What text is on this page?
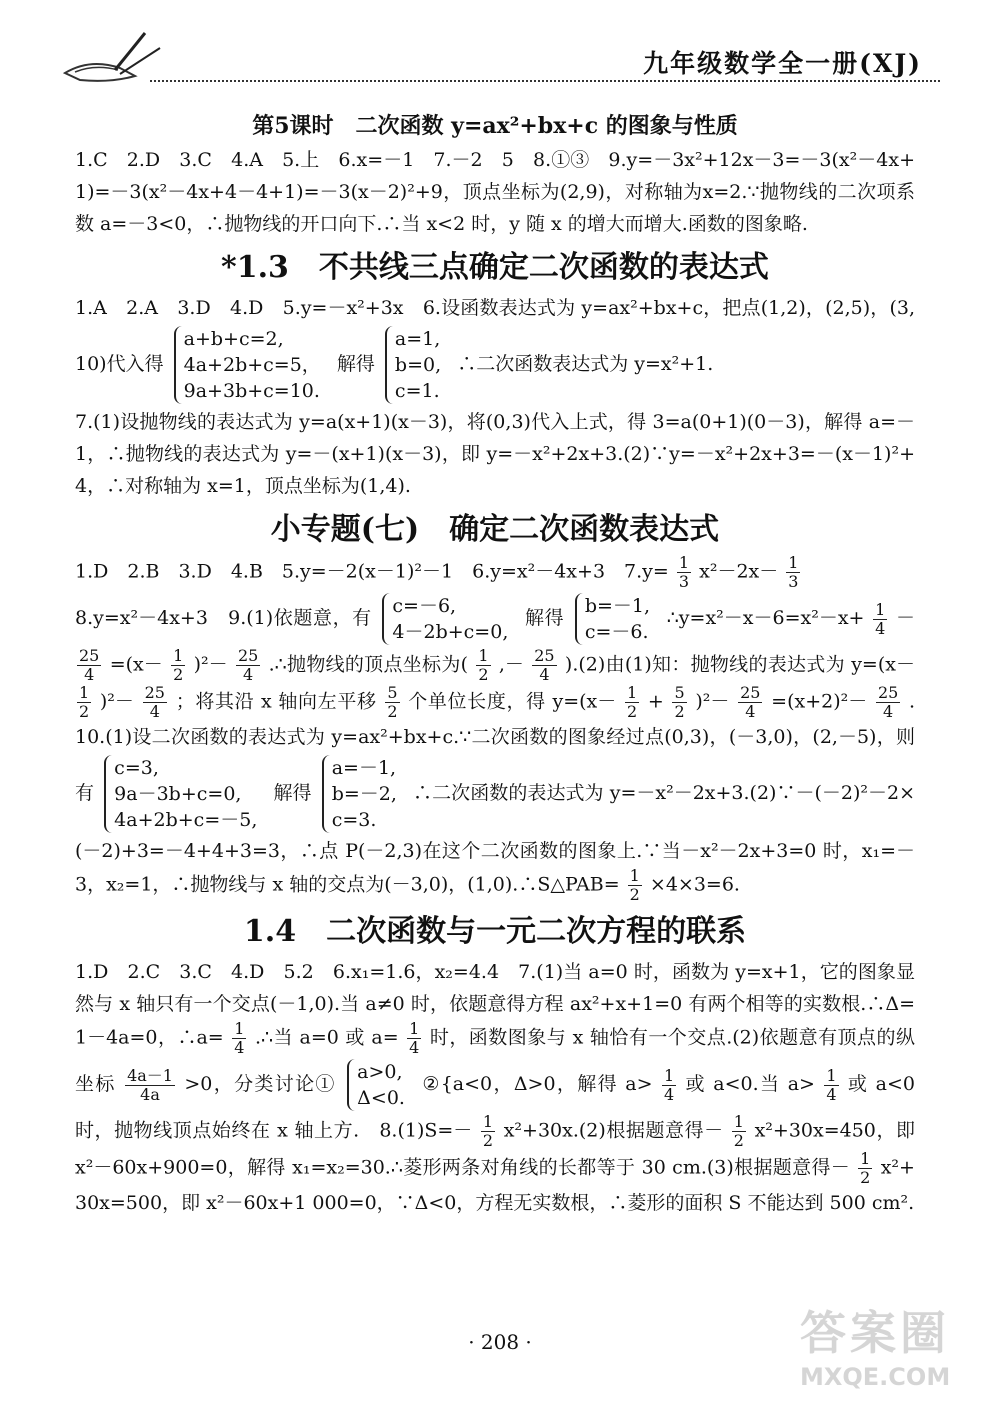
九年级数学全一册(XJ)

第5课时　二次函数 y=ax²+bx+c 的图象与性质

1.C　2.D　3.C　4.A　5.上　6.x=－1　7.－2　5　8.①③　9.y=－3x²+12x－3=－3(x²－4x+1)=－3(x²－4x+4－4+1)=－3(x－2)²+9，顶点坐标为(2,9)，对称轴为x=2.∵抛物线的二次项系数 a=－3<0，∴抛物线的开口向下.∴当 x<2 时，y 随 x 的增大而增大.函数的图象略.

*1.3　不共线三点确定二次函数的表达式

1.A　2.A　3.D　4.D　5.y=－x²+3x　6.设函数表达式为 y=ax²+bx+c，把点(1,2)，(2,5)，(3,10)代入得
a+b+c=2,
4a+2b+c=5，
9a+3b+c=10.
解得
a=1,
b=0,
c=1.
∴二次函数表达式为 y=x²+1.

7.(1)设抛物线的表达式为 y=a(x+1)(x－3)，将(0,3)代入上式，得 3=a(0+1)(0－3)，解得 a=－1，∴抛物线的表达式为 y=－(x+1)(x－3)，即 y=－x²+2x+3.(2)∵y=－x²+2x+3=－(x－1)²+4，∴对称轴为 x=1，顶点坐标为(1,4).

小专题(七)　确定二次函数表达式

1.D　2.B　3.D　4.B　5.y=－2(x－1)²－1　6.y=x²－4x+3　$7.y= \frac{1}{3} x^2-2x- \frac{1}{3}$

8.y=x²－4x+3　9.(1)依题意，有
c=－6,
4－2b+c=0,
解得
b=－1,
c=－6.
∴y=x²－x－6=x²－x+ $\frac{1}{4}$ －
$\frac{25}{4} =(x- \frac{1}{2} )^2- \frac{25}{4}$ .∴抛物线的顶点坐标为( $\frac{1}{2}$ ,－ $\frac{25}{4} ).(2)$由(1)知：抛物线的表达式为 y=(x－
$\frac{1}{2} )^2- \frac{25}{4}$ ；将其沿 x 轴向左平移 $\frac{5}{2}$ 个单位长度，得 $y=(x- \frac{1}{2} + \frac{5}{2} )^2- \frac{25}{4} =(x+2)^2- \frac{25}{4}$ .　10.(1)设二次函数的表达式为 y=ax²+bx+c.∵二次函数的图象经过点(0,3)，(－3,0)，(2,－5)，则有
c=3,
9a－3b+c=0,
4a+2b+c=－5,
解得
a=－1,
b=－2,
c=3.
∴二次函数的表达式为 y=－x²－2x+3.(2)∵－(－2)²－2×(－2)+3=－4+4+3=3，∴点 P(－2,3)在这个二次函数的图象上.∵当－x²－2x+3=0 时，x₁=－3，x₂=1，∴抛物线与 x 轴的交点为(－3,0)，(1,0).∴S△PAB= $\frac{1}{2} \times 4\times 3=6$.

1.4　二次函数与一元二次方程的联系

1.D　2.C　3.C　4.D　5.2　6.x₁=1.6，x₂=4.4　7.(1)当 a=0 时，函数为 y=x+1，它的图象显然与 x 轴只有一个交点(－1,0).当 a≠0 时，依题意得方程 ax²+x+1=0 有两个相等的实数根.∴Δ=1－4a=0，∴a= $\frac{1}{4}$ .∴当 a=0 或 $a= \frac{1}{4}$ 时，函数图象与 x 轴恰有一个交点.(2)依题意有顶点的纵坐标 $\frac{4a-1}{4a} >0$，分类讨论①
a>0,
Δ<0.
②{a<0，Δ>0，解得 $a> \frac{1}{4}$ 或 a<0.当 $a> \frac{1}{4}$ 或 a<0 时，抛物线顶点始终在 x 轴上方.　$8.(1)S=- \frac{1}{2} x^2+30x.(2)$根据题意得－ $\frac{1}{2} x^2+30x=450$，即 x²－60x+900=0，解得 x₁=x₂=30.∴菱形两条对角线的长都等于 30 cm.(3)根据题意得－ $\frac{1}{2} x^2+30x=500$，即 x²－60x+1 000=0，∵Δ<0，方程无实数根，∴菱形的面积 S 不能达到 500 cm².

· 208 ·	答案圈
MXQE.COM
